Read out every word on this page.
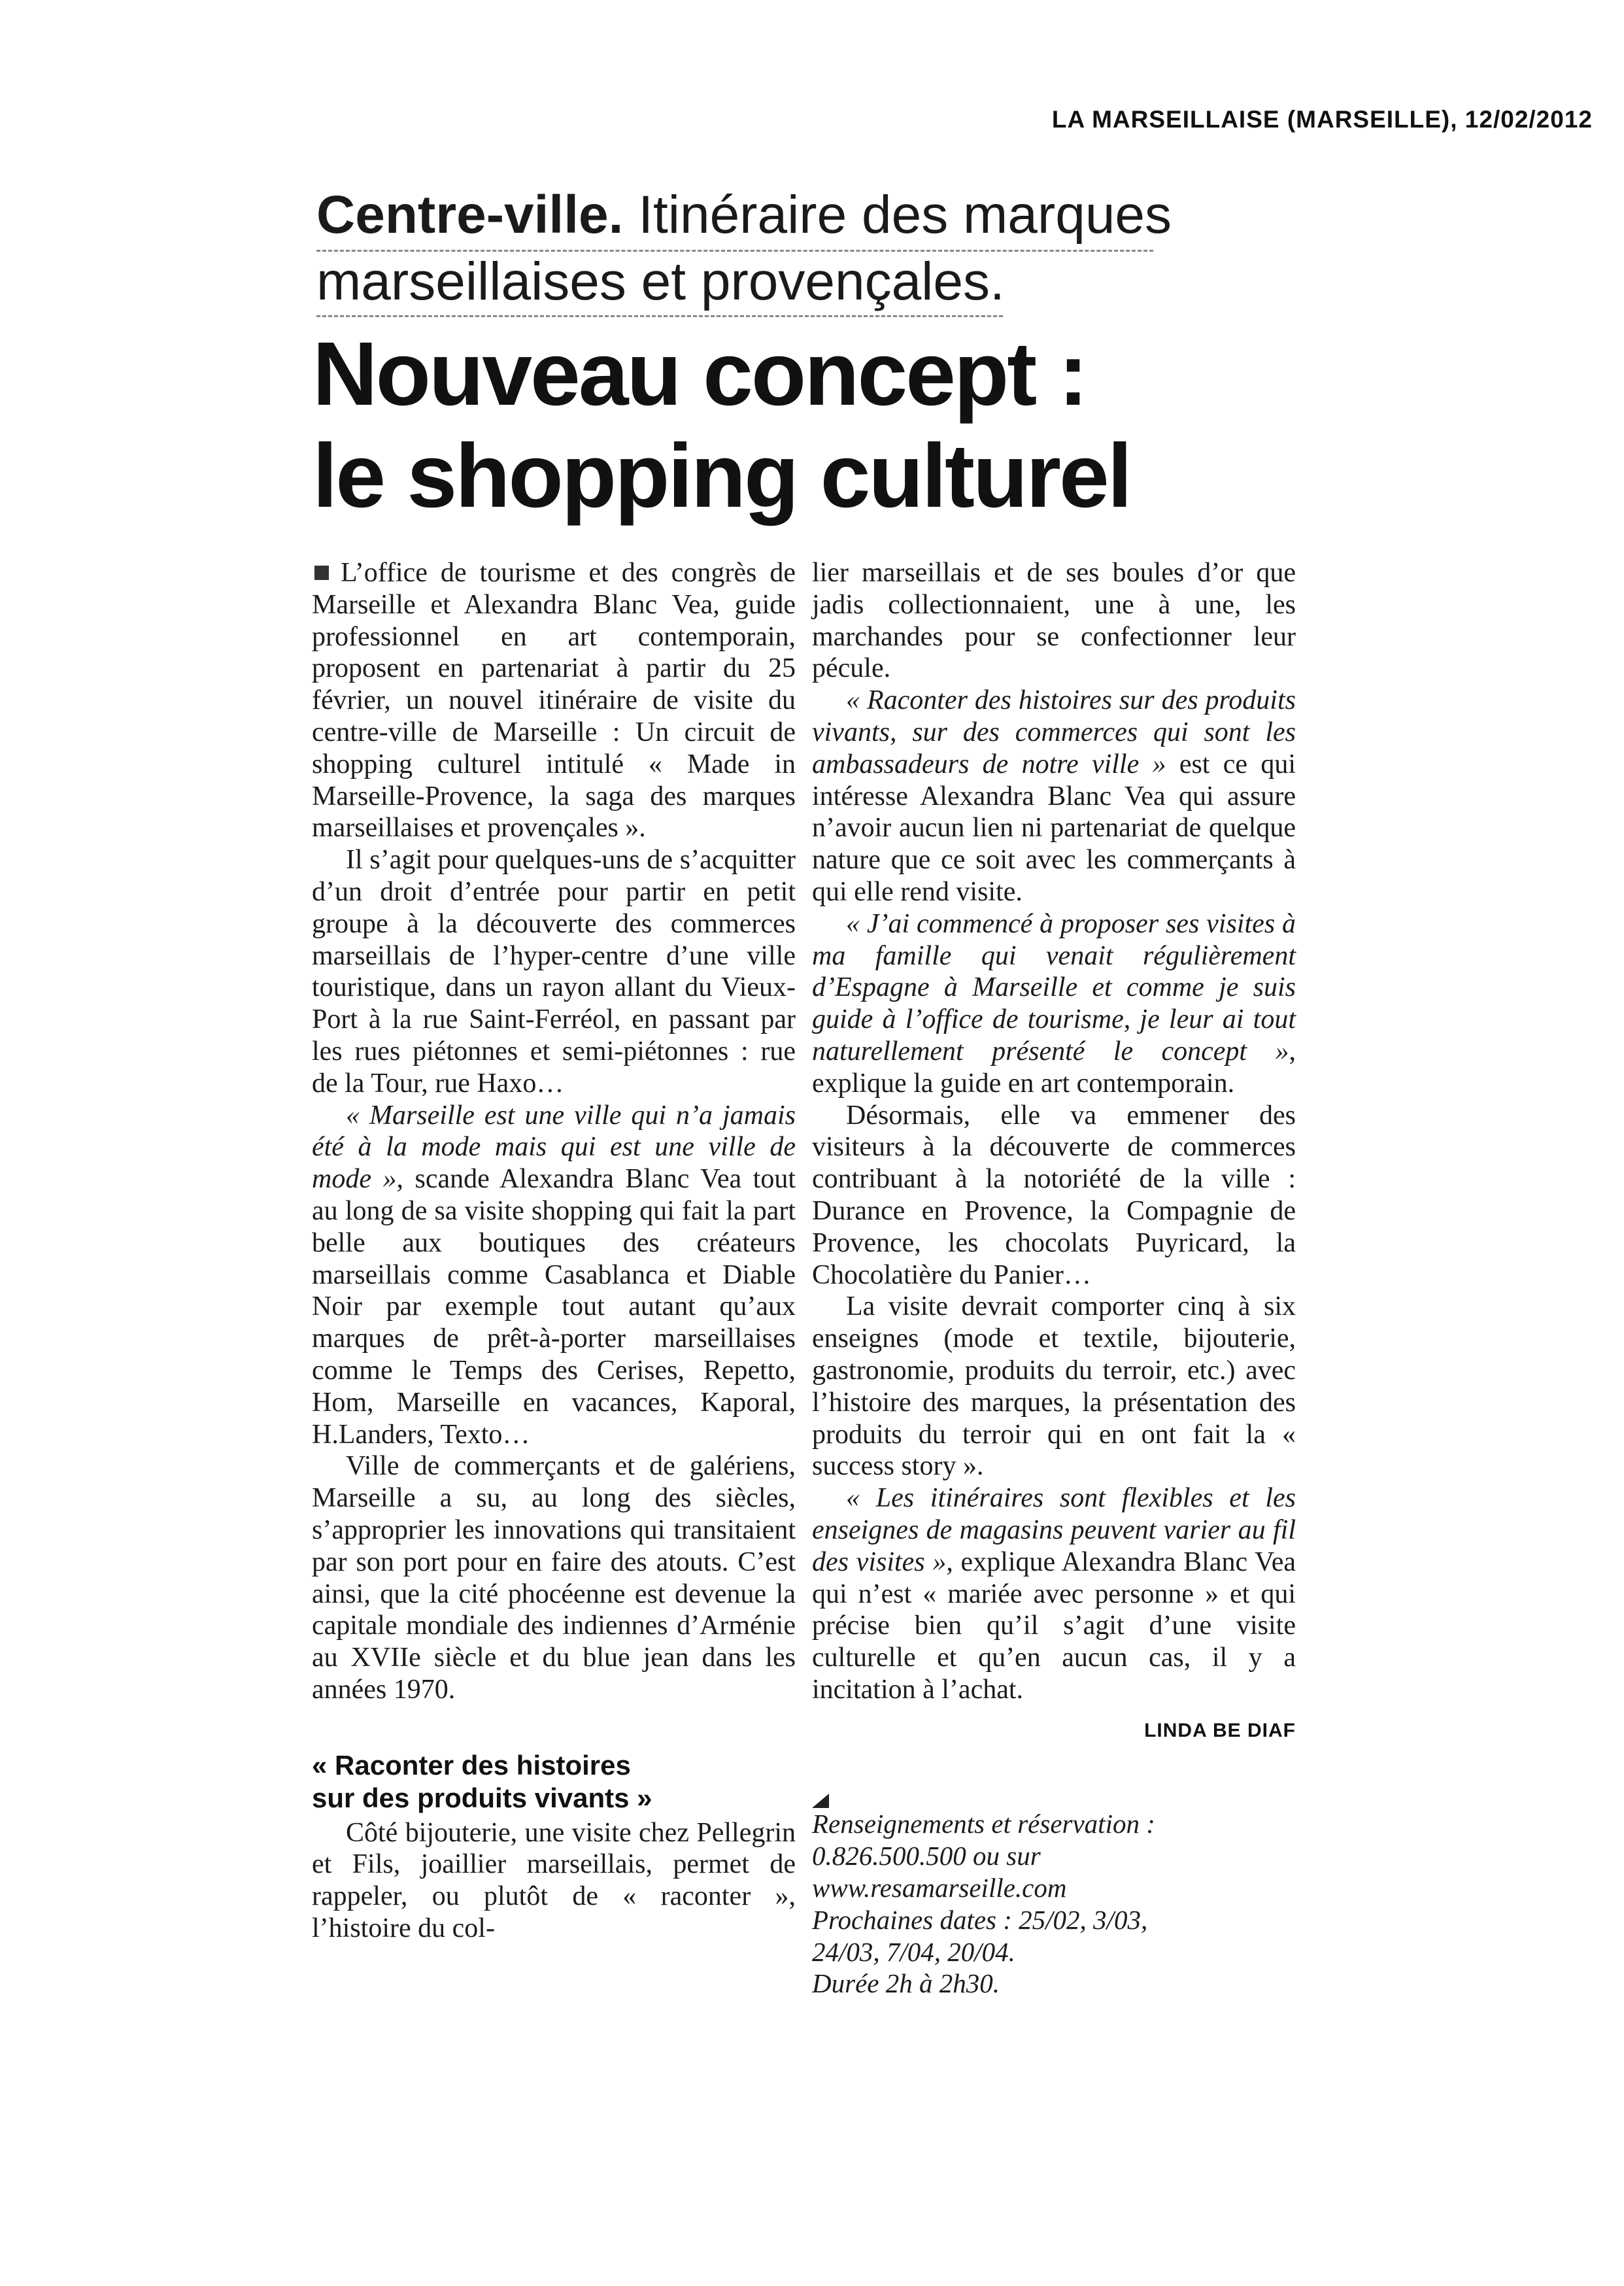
LA MARSEILLAISE (MARSEILLE), 12/02/2012
Centre-ville. Itinéraire des marques
marseillaises et provençales.
Nouveau concept :
le shopping culturel

L’office de tourisme et des congrès de Marseille et Alexandra Blanc Vea, guide professionnel en art contemporain, proposent en partenariat à partir du 25 février, un nouvel itinéraire de visite du centre-ville de Marseille : Un circuit de shopping culturel intitulé « Made in Marseille-Provence, la saga des marques marseillaises et provençales ».

Il s’agit pour quelques-uns de s’acquitter d’un droit d’entrée pour partir en petit groupe à la découverte des commerces marseillais de l’hyper-centre d’une ville touristique, dans un rayon allant du Vieux-Port à la rue Saint-Ferréol, en passant par les rues piétonnes et semi-piétonnes : rue de la Tour, rue Haxo…

« Marseille est une ville qui n’a jamais été à la mode mais qui est une ville de mode », scande Alexandra Blanc Vea tout au long de sa visite shopping qui fait la part belle aux boutiques des créateurs marseillais comme Casablanca et Diable Noir par exemple tout autant qu’aux marques de prêt-à-porter marseillaises comme le Temps des Cerises, Repetto, Hom, Marseille en vacances, Kaporal, H.Landers, Texto…

Ville de commerçants et de galériens, Marseille a su, au long des siècles, s’approprier les innovations qui transitaient par son port pour en faire des atouts. C’est ainsi, que la cité phocéenne est devenue la capitale mondiale des indiennes d’Arménie au XVIIe siècle et du blue jean dans les années 1970.

« Raconter des histoires
sur des produits vivants »

Côté bijouterie, une visite chez Pellegrin et Fils, joaillier marseillais, permet de rappeler, ou plutôt de « raconter », l’histoire du col-

lier marseillais et de ses boules d’or que jadis collectionnaient, une à une, les marchandes pour se confectionner leur pécule.

« Raconter des histoires sur des produits vivants, sur des commerces qui sont les ambassadeurs de notre ville » est ce qui intéresse Alexandra Blanc Vea qui assure n’avoir aucun lien ni partenariat de quelque nature que ce soit avec les commerçants à qui elle rend visite.

« J’ai commencé à proposer ses visites à ma famille qui venait régulièrement d’Espagne à Marseille et comme je suis guide à l’office de tourisme, je leur ai tout naturellement présenté le concept », explique la guide en art contemporain.

Désormais, elle va emmener des visiteurs à la découverte de commerces contribuant à la notoriété de la ville : Durance en Provence, la Compagnie de Provence, les chocolats Puyricard, la Chocolatière du Panier…

La visite devrait comporter cinq à six enseignes (mode et textile, bijouterie, gastronomie, produits du terroir, etc.) avec l’histoire des marques, la présentation des produits du terroir qui en ont fait la « success story ».

« Les itinéraires sont flexibles et les enseignes de magasins peuvent varier au fil des visites », explique Alexandra Blanc Vea qui n’est « mariée avec personne » et qui précise bien qu’il s’agit d’une visite culturelle et qu’en aucun cas, il y a incitation à l’achat.

LINDA BE DIAF
Renseignements et réservation :
0.826.500.500 ou sur
www.resamarseille.com
Prochaines dates : 25/02, 3/03,
24/03, 7/04, 20/04.
Durée 2h à 2h30.
